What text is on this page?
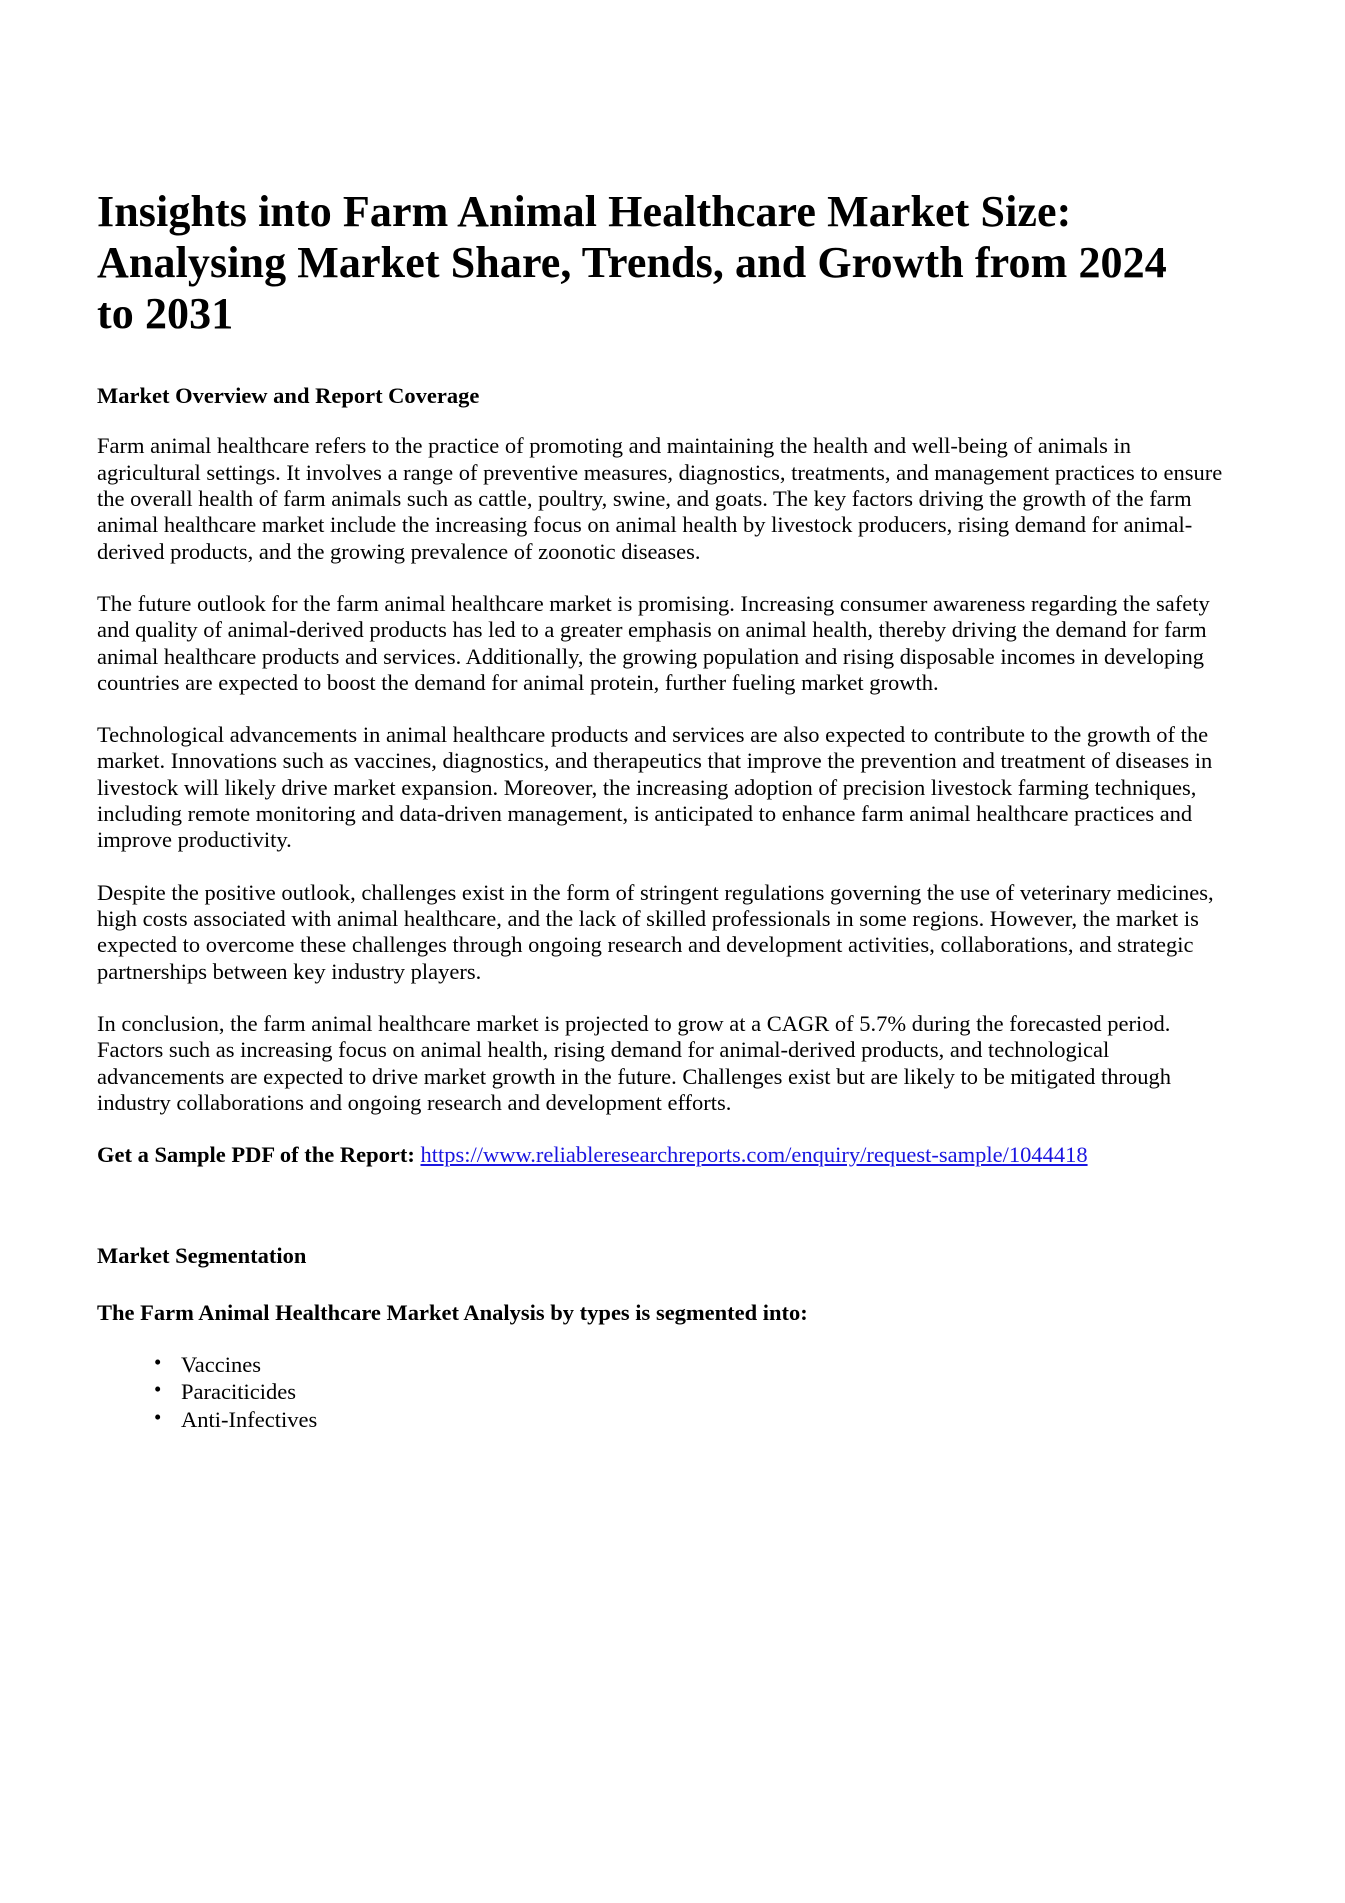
Insights into Farm Animal Healthcare Market Size: Analysing Market Share, Trends, and Growth from 2024 to 2031
Market Overview and Report Coverage

Farm animal healthcare refers to the practice of promoting and maintaining the health and well-being of animals in agricultural settings. It involves a range of preventive measures, diagnostics, treatments, and management practices to ensure the overall health of farm animals such as cattle, poultry, swine, and goats. The key factors driving the growth of the farm animal healthcare market include the increasing focus on animal health by livestock producers, rising demand for animal-derived products, and the growing prevalence of zoonotic diseases.

The future outlook for the farm animal healthcare market is promising. Increasing consumer awareness regarding the safety and quality of animal-derived products has led to a greater emphasis on animal health, thereby driving the demand for farm animal healthcare products and services. Additionally, the growing population and rising disposable incomes in developing countries are expected to boost the demand for animal protein, further fueling market growth.

Technological advancements in animal healthcare products and services are also expected to contribute to the growth of the market. Innovations such as vaccines, diagnostics, and therapeutics that improve the prevention and treatment of diseases in livestock will likely drive market expansion. Moreover, the increasing adoption of precision livestock farming techniques, including remote monitoring and data-driven management, is anticipated to enhance farm animal healthcare practices and improve productivity.

Despite the positive outlook, challenges exist in the form of stringent regulations governing the use of veterinary medicines, high costs associated with animal healthcare, and the lack of skilled professionals in some regions. However, the market is expected to overcome these challenges through ongoing research and development activities, collaborations, and strategic partnerships between key industry players.

In conclusion, the farm animal healthcare market is projected to grow at a CAGR of 5.7% during the forecasted period. Factors such as increasing focus on animal health, rising demand for animal-derived products, and technological advancements are expected to drive market growth in the future. Challenges exist but are likely to be mitigated through industry collaborations and ongoing research and development efforts.

Get a Sample PDF of the Report: https://www.reliableresearchreports.com/enquiry/request-sample/1044418

Market Segmentation

The Farm Animal Healthcare Market Analysis by types is segmented into:

• Vaccines
• Paraciticides
• Anti-Infectives
